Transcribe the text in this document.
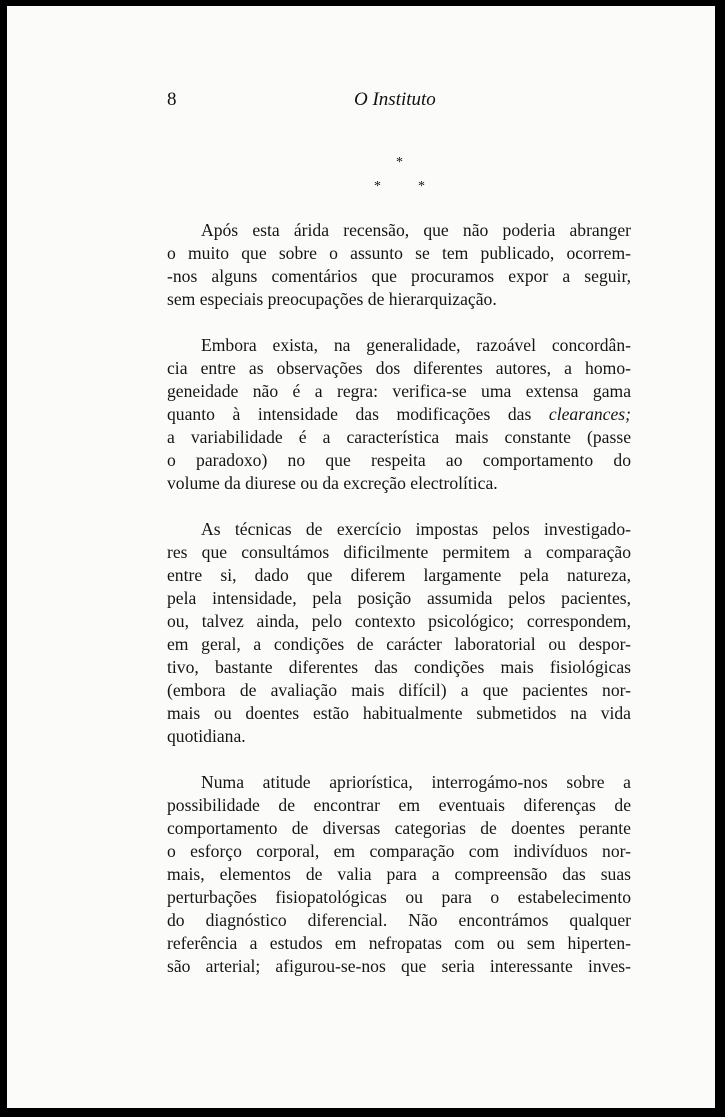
8	O Instituto
*
*	*
Após esta árida recensão, que não poderia abranger
o muito que sobre o assunto se tem publicado, ocorrem-
-nos alguns comentários que procuramos expor a seguir,
sem especiais preocupações de hierarquização.
Embora exista, na generalidade, razoável concordân-
cia entre as observações dos diferentes autores, a homo-
geneidade não é a regra: verifica-se uma extensa gama
quanto à intensidade das modificações das clearances;
a variabilidade é a característica mais constante (passe
o paradoxo) no que respeita ao comportamento do
volume da diurese ou da excreção electrolítica.
As técnicas de exercício impostas pelos investigado-
res que consultámos dificilmente permitem a comparação
entre si, dado que diferem largamente pela natureza,
pela intensidade, pela posição assumida pelos pacientes,
ou, talvez ainda, pelo contexto psicológico; correspondem,
em geral, a condições de carácter laboratorial ou despor-
tivo, bastante diferentes das condições mais fisiológicas
(embora de avaliação mais difícil) a que pacientes nor-
mais ou doentes estão habitualmente submetidos na vida
quotidiana.
Numa atitude apriorística, interrogámo-nos sobre a
possibilidade de encontrar em eventuais diferenças de
comportamento de diversas categorias de doentes perante
o esforço corporal, em comparação com indivíduos nor-
mais, elementos de valia para a compreensão das suas
perturbações fisiopatológicas ou para o estabelecimento
do diagnóstico diferencial. Não encontrámos qualquer
referência a estudos em nefropatas com ou sem hiperten-
são arterial; afigurou-se-nos que seria interessante inves-
